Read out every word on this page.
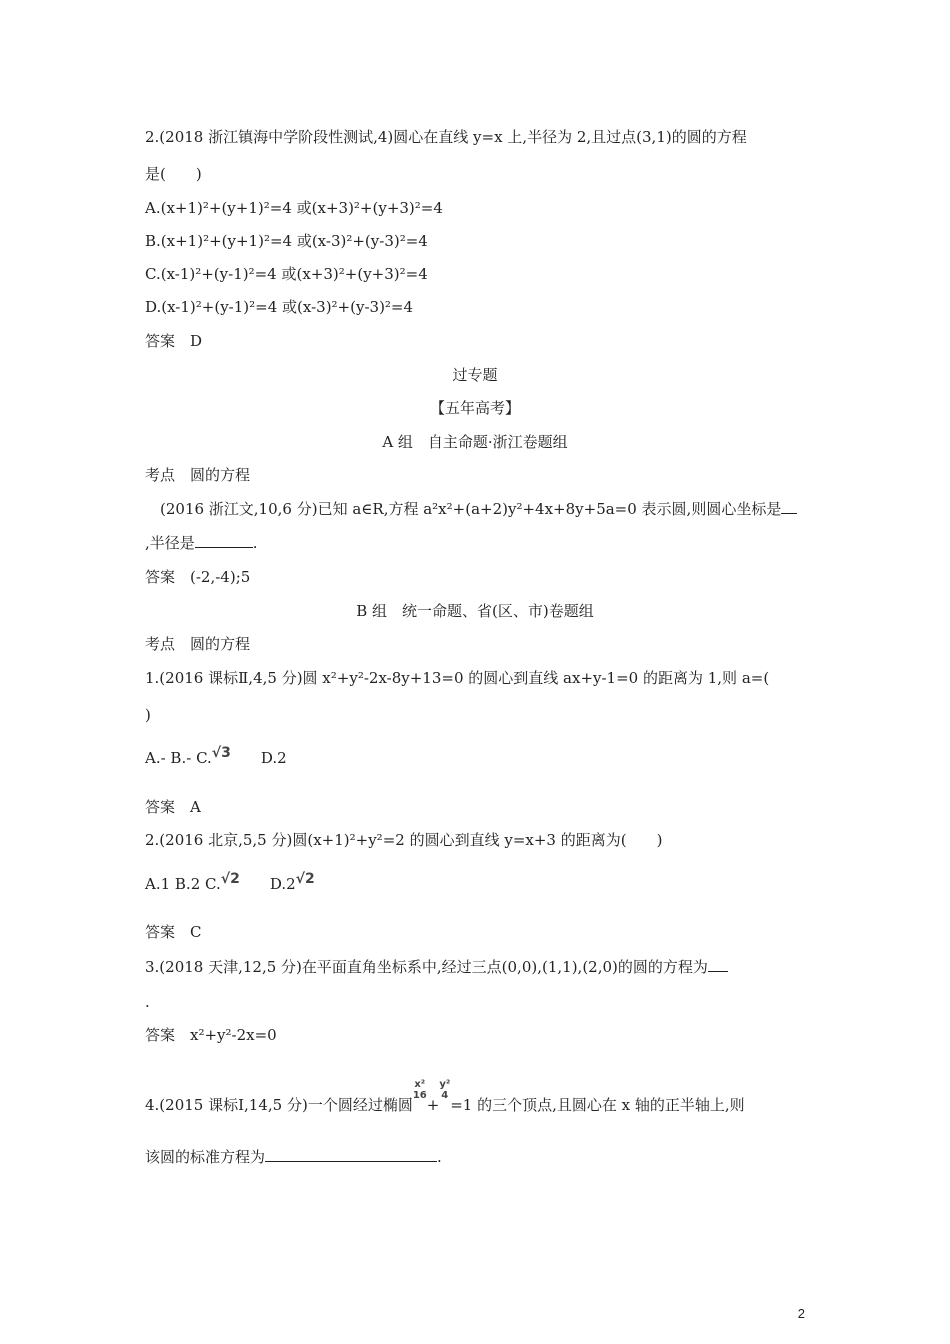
2.(2018 浙江镇海中学阶段性测试,4)圆心在直线 y=x 上,半径为 2,且过点(3,1)的圆的方程
是(　　)
A.(x+1)²+(y+1)²=4 或(x+3)²+(y+3)²=4
B.(x+1)²+(y+1)²=4 或(x-3)²+(y-3)²=4
C.(x-1)²+(y-1)²=4 或(x+3)²+(y+3)²=4
D.(x-1)²+(y-1)²=4 或(x-3)²+(y-3)²=4
答案　D
过专题
【五年高考】
A 组　自主命题·浙江卷题组
考点　圆的方程
(2016 浙江文,10,6 分)已知 a∈R,方程 a²x²+(a+2)y²+4x+8y+5a=0 表示圆,则圆心坐标是
,半径是	.
答案　(-2,-4);5
B 组　统一命题、省(区、市)卷题组
考点　圆的方程
1.(2016 课标Ⅱ,4,5 分)圆 x²+y²-2x-8y+13=0 的圆心到直线 ax+y-1=0 的距离为 1,则 a=(
)
A.- B.- C.√3 D.2
答案　A
2.(2016 北京,5,5 分)圆(x+1)²+y²=2 的圆心到直线 y=x+3 的距离为(　　)
A.1 B.2 C.√2 D.2√2
答案　C
3.(2018 天津,12,5 分)在平面直角坐标系中,经过三点(0,0),(1,1),(2,0)的圆的方程为
.
答案　x²+y²-2x=0
4.(2015 课标Ⅰ,14,5 分)一个圆经过椭圆
x²
16
+
y²
4
=1 的三个顶点,且圆心在 x 轴的正半轴上,则
该圆的标准方程为	.
2
